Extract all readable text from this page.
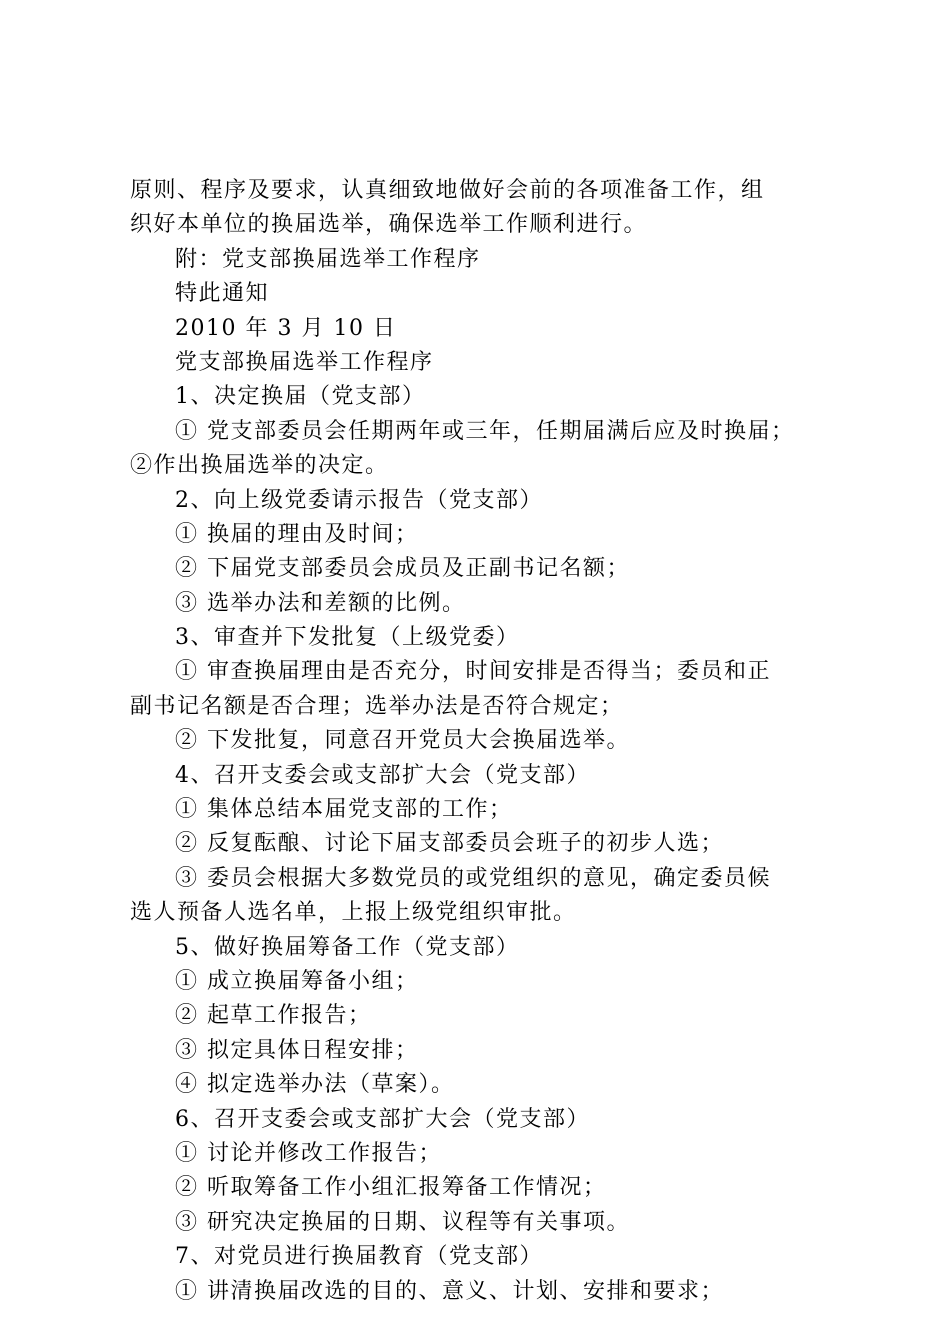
原则、程序及要求，认真细致地做好会前的各项准备工作，组
织好本单位的换届选举，确保选举工作顺利进行。
附：党支部换届选举工作程序
特此通知
2010 年 3 月 10 日
党支部换届选举工作程序
1、决定换届（党支部）
① 党支部委员会任期两年或三年，任期届满后应及时换届；
②作出换届选举的决定。
2、向上级党委请示报告（党支部）
① 换届的理由及时间；
② 下届党支部委员会成员及正副书记名额；
③ 选举办法和差额的比例。
3、审查并下发批复（上级党委）
① 审查换届理由是否充分，时间安排是否得当；委员和正
副书记名额是否合理；选举办法是否符合规定；
② 下发批复，同意召开党员大会换届选举。
4、召开支委会或支部扩大会（党支部）
① 集体总结本届党支部的工作；
② 反复酝酿、讨论下届支部委员会班子的初步人选；
③ 委员会根据大多数党员的或党组织的意见，确定委员候
选人预备人选名单，上报上级党组织审批。
5、做好换届筹备工作（党支部）
① 成立换届筹备小组；
② 起草工作报告；
③ 拟定具体日程安排；
④ 拟定选举办法（草案）。
6、召开支委会或支部扩大会（党支部）
① 讨论并修改工作报告；
② 听取筹备工作小组汇报筹备工作情况；
③ 研究决定换届的日期、议程等有关事项。
7、对党员进行换届教育（党支部）
① 讲清换届改选的目的、意义、计划、安排和要求；
